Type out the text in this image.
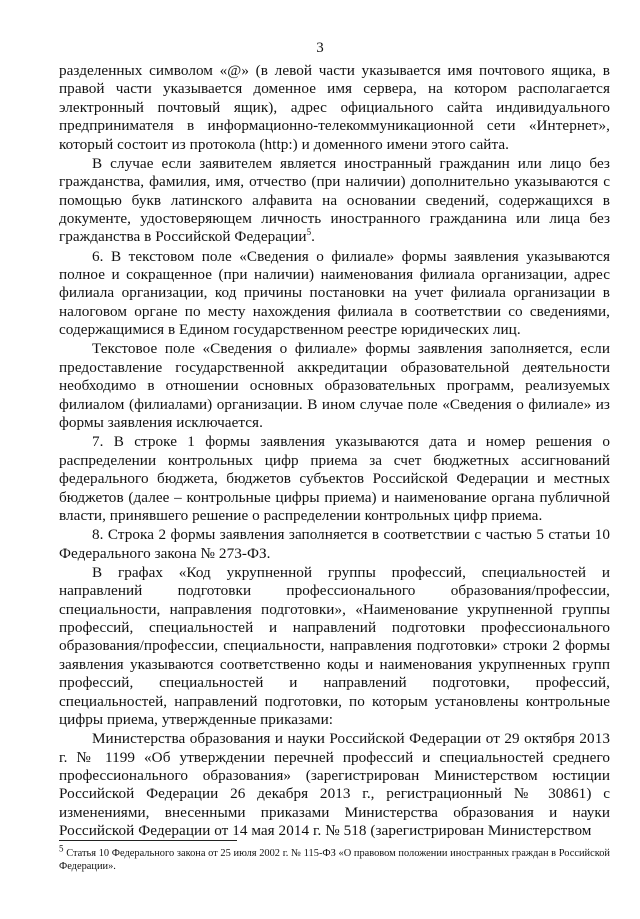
3

разделенных символом «@» (в левой части указывается имя почтового ящика, в правой части указывается доменное имя сервера, на котором располагается электронный почтовый ящик), адрес официального сайта индивидуального предпринимателя в информационно-телекоммуникационной сети «Интернет», который состоит из протокола (http:) и доменного имени этого сайта.

В случае если заявителем является иностранный гражданин или лицо без гражданства, фамилия, имя, отчество (при наличии) дополнительно указываются с помощью букв латинского алфавита на основании сведений, содержащихся в документе, удостоверяющем личность иностранного гражданина или лица без гражданства в Российской Федерации$^5$.

6. В текстовом поле «Сведения о филиале» формы заявления указываются полное и сокращенное (при наличии) наименования филиала организации, адрес филиала организации, код причины постановки на учет филиала организации в налоговом органе по месту нахождения филиала в соответствии со сведениями, содержащимися в Едином государственном реестре юридических лиц.

Текстовое поле «Сведения о филиале» формы заявления заполняется, если предоставление государственной аккредитации образовательной деятельности необходимо в отношении основных образовательных программ, реализуемых филиалом (филиалами) организации. В ином случае поле «Сведения о филиале» из формы заявления исключается.

7. В строке 1 формы заявления указываются дата и номер решения о распределении контрольных цифр приема за счет бюджетных ассигнований федерального бюджета, бюджетов субъектов Российской Федерации и местных бюджетов (далее – контрольные цифры приема) и наименование органа публичной власти, принявшего решение о распределении контрольных цифр приема.

8. Строка 2 формы заявления заполняется в соответствии с частью 5 статьи 10 Федерального закона № 273-ФЗ.

В графах «Код укрупненной группы профессий, специальностей и направлений подготовки профессионального образования/профессии, специальности, направления подготовки», «Наименование укрупненной группы профессий, специальностей и направлений подготовки профессионального образования/профессии, специальности, направления подготовки» строки 2 формы заявления указываются соответственно коды и наименования укрупненных групп профессий, специальностей и направлений подготовки, профессий, специальностей, направлений подготовки, по которым установлены контрольные цифры приема, утвержденные приказами:

Министерства образования и науки Российской Федерации от 29 октября 2013 г. № 1199 «Об утверждении перечней профессий и специальностей среднего профессионального образования» (зарегистрирован Министерством юстиции Российской Федерации 26 декабря 2013 г., регистрационный № 30861) с изменениями, внесенными приказами Министерства образования и науки Российской Федерации от 14 мая 2014 г. № 518 (зарегистрирован Министерством

$^5$ Статья 10 Федерального закона от 25 июля 2002 г. № 115-ФЗ «О правовом положении иностранных граждан в Российской Федерации».
